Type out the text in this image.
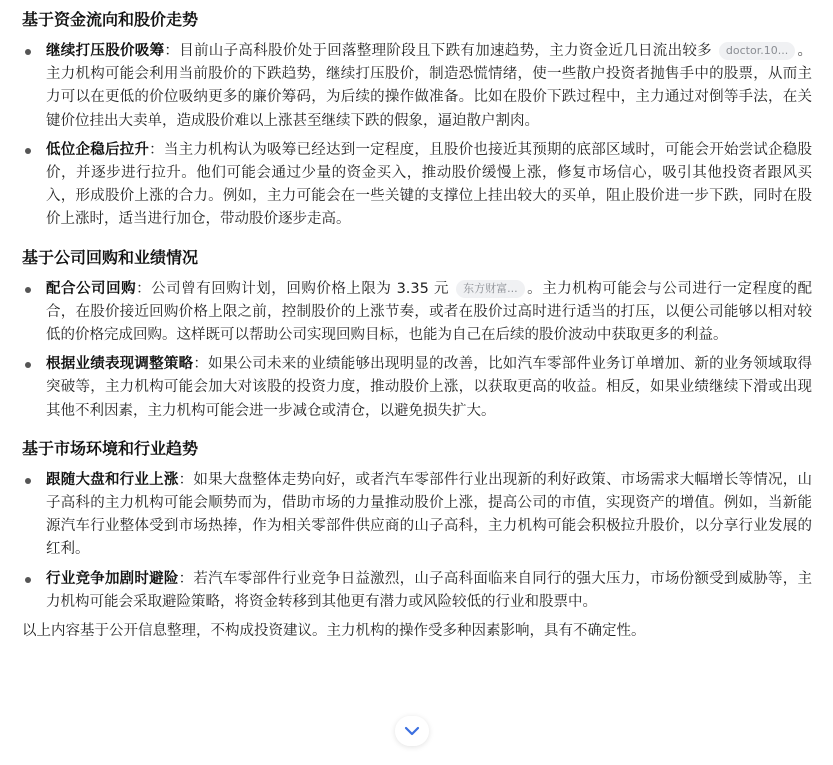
基于资金流向和股价走势
继续打压股价吸筹：目前山子高科股价处于回落整理阶段且下跌有加速趋势，主力资金近几日流出较多 doctor.10... 。主力机构可能会利用当前股价的下跌趋势，继续打压股价，制造恐慌情绪，使一些散户投资者抛售手中的股票，从而主力可以在更低的价位吸纳更多的廉价筹码，为后续的操作做准备。比如在股价下跌过程中，主力通过对倒等手法，在关键价位挂出大卖单，造成股价难以上涨甚至继续下跌的假象，逼迫散户割肉。
低位企稳后拉升：当主力机构认为吸筹已经达到一定程度，且股价也接近其预期的底部区域时，可能会开始尝试企稳股价，并逐步进行拉升。他们可能会通过少量的资金买入，推动股价缓慢上涨，修复市场信心，吸引其他投资者跟风买入，形成股价上涨的合力。例如，主力可能会在一些关键的支撑位上挂出较大的买单，阻止股价进一步下跌，同时在股价上涨时，适当进行加仓，带动股价逐步走高。
基于公司回购和业绩情况
配合公司回购：公司曾有回购计划，回购价格上限为 3.35 元 东方财富... 。主力机构可能会与公司进行一定程度的配合，在股价接近回购价格上限之前，控制股价的上涨节奏，或者在股价过高时进行适当的打压，以便公司能够以相对较低的价格完成回购。这样既可以帮助公司实现回购目标，也能为自己在后续的股价波动中获取更多的利益。
根据业绩表现调整策略：如果公司未来的业绩能够出现明显的改善，比如汽车零部件业务订单增加、新的业务领域取得突破等，主力机构可能会加大对该股的投资力度，推动股价上涨，以获取更高的收益。相反，如果业绩继续下滑或出现其他不利因素，主力机构可能会进一步减仓或清仓，以避免损失扩大。
基于市场环境和行业趋势
跟随大盘和行业上涨：如果大盘整体走势向好，或者汽车零部件行业出现新的利好政策、市场需求大幅增长等情况，山子高科的主力机构可能会顺势而为，借助市场的力量推动股价上涨，提高公司的市值，实现资产的增值。例如，当新能源汽车行业整体受到市场热捧，作为相关零部件供应商的山子高科，主力机构可能会积极拉升股价，以分享行业发展的红利。
行业竞争加剧时避险：若汽车零部件行业竞争日益激烈，山子高科面临来自同行的强大压力，市场份额受到威胁等，主力机构可能会采取避险策略，将资金转移到其他更有潜力或风险较低的行业和股票中。
以上内容基于公开信息整理，不构成投资建议。主力机构的操作受多种因素影响，具有不确定性。
